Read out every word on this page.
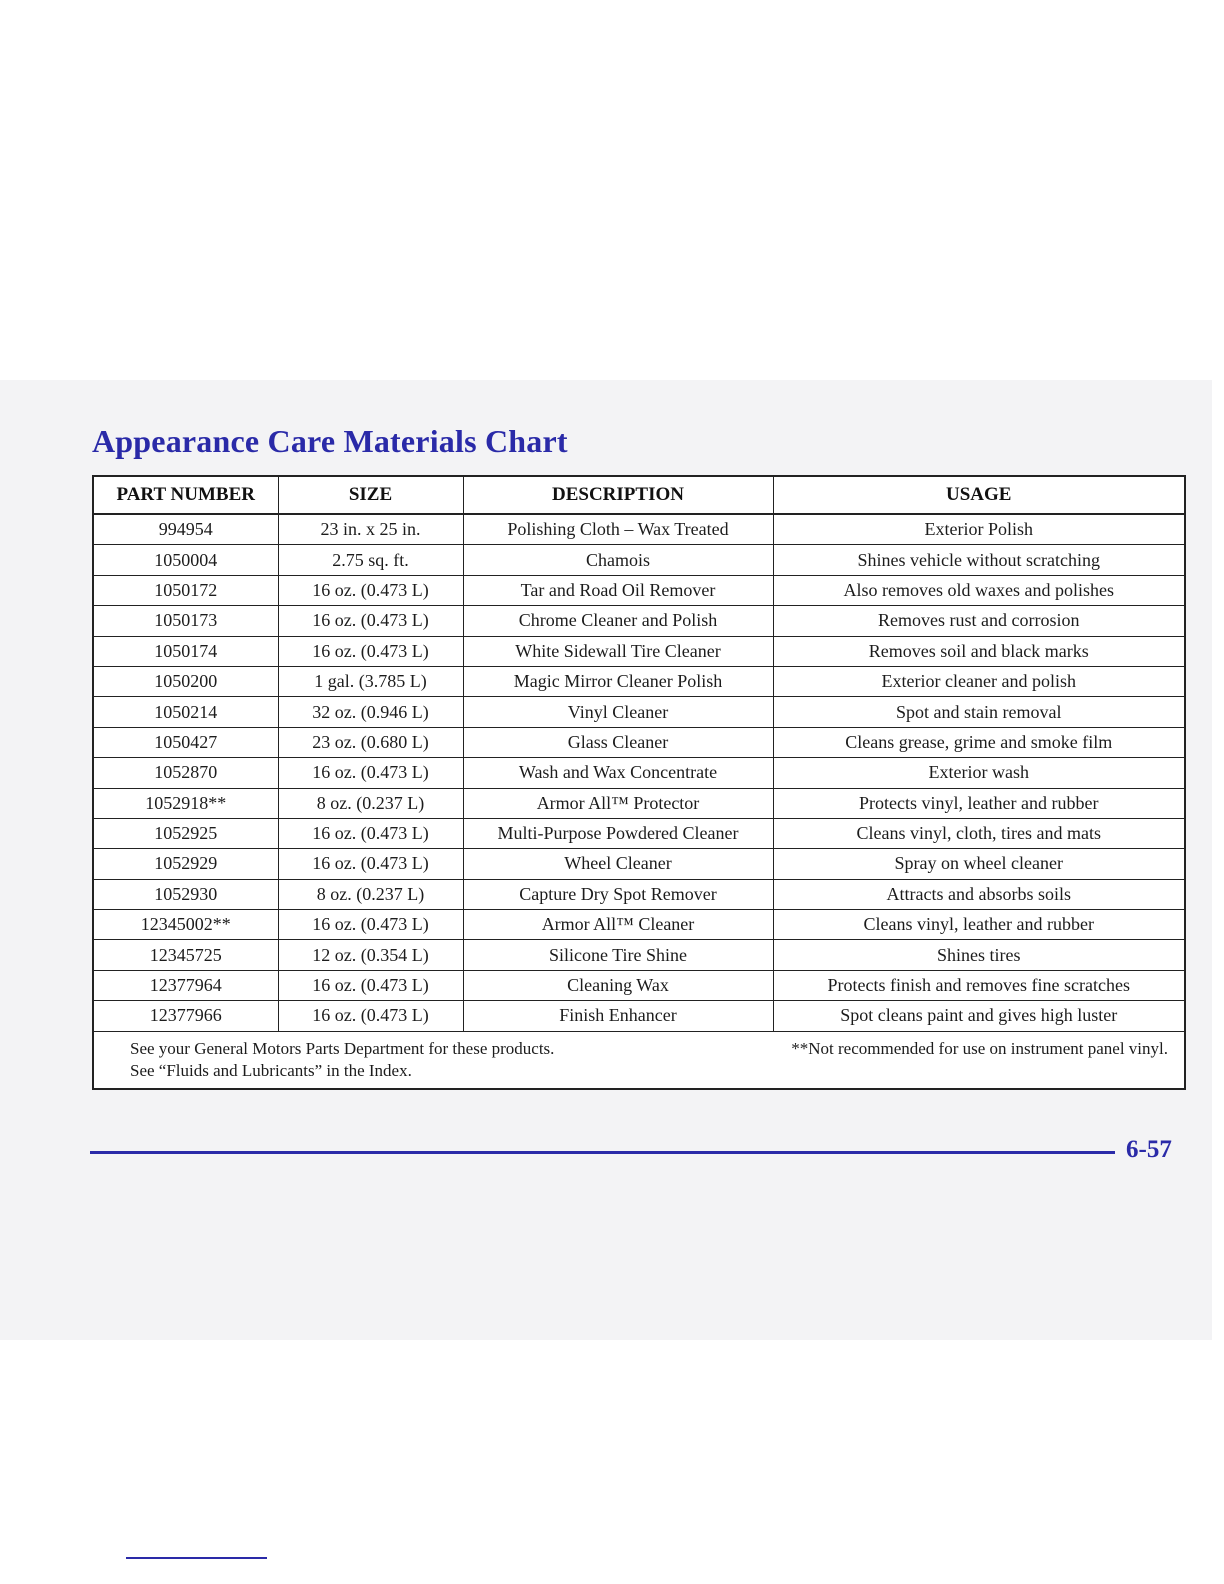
Appearance Care Materials Chart
PART NUMBER	SIZE	DESCRIPTION	USAGE
994954	23 in. x 25 in.	Polishing Cloth – Wax Treated	Exterior Polish
1050004	2.75 sq. ft.	Chamois	Shines vehicle without scratching
1050172	16 oz. (0.473 L)	Tar and Road Oil Remover	Also removes old waxes and polishes
1050173	16 oz. (0.473 L)	Chrome Cleaner and Polish	Removes rust and corrosion
1050174	16 oz. (0.473 L)	White Sidewall Tire Cleaner	Removes soil and black marks
1050200	1 gal. (3.785 L)	Magic Mirror Cleaner Polish	Exterior cleaner and polish
1050214	32 oz. (0.946 L)	Vinyl Cleaner	Spot and stain removal
1050427	23 oz. (0.680 L)	Glass Cleaner	Cleans grease, grime and smoke film
1052870	16 oz. (0.473 L)	Wash and Wax Concentrate	Exterior wash
1052918**	8 oz. (0.237 L)	Armor All™ Protector	Protects vinyl, leather and rubber
1052925	16 oz. (0.473 L)	Multi-Purpose Powdered Cleaner	Cleans vinyl, cloth, tires and mats
1052929	16 oz. (0.473 L)	Wheel Cleaner	Spray on wheel cleaner
1052930	8 oz. (0.237 L)	Capture Dry Spot Remover	Attracts and absorbs soils
12345002**	16 oz. (0.473 L)	Armor All™ Cleaner	Cleans vinyl, leather and rubber
12345725	12 oz. (0.354 L)	Silicone Tire Shine	Shines tires
12377964	16 oz. (0.473 L)	Cleaning Wax	Protects finish and removes fine scratches
12377966	16 oz. (0.473 L)	Finish Enhancer	Spot cleans paint and gives high luster

See your General Motors Parts Department for these products. **Not recommended for use on instrument panel vinyl.
See “Fluids and Lubricants” in the Index.			
6-57
